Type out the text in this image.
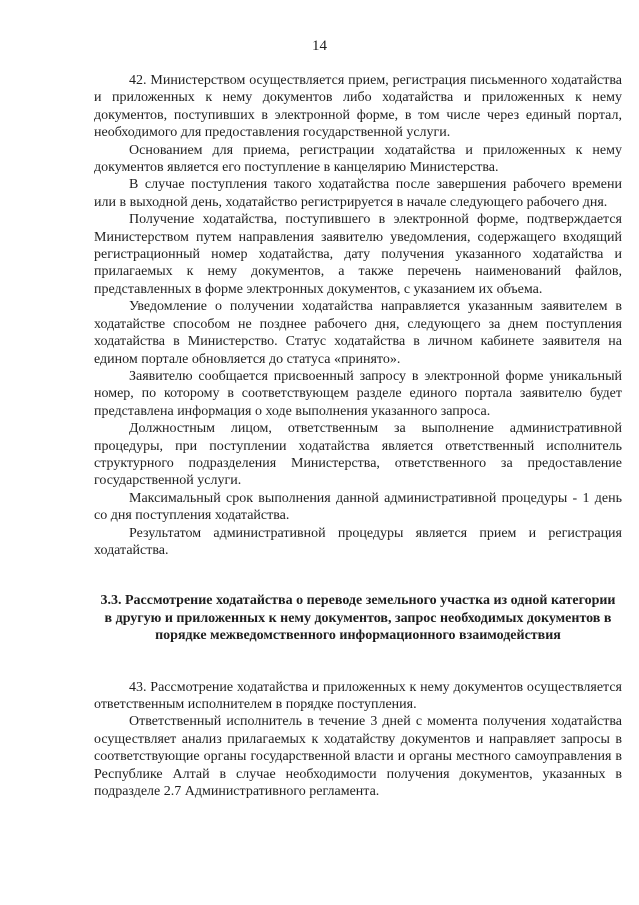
14

42. Министерством осуществляется прием, регистрация письменного ходатайства и приложенных к нему документов либо ходатайства и приложенных к нему документов, поступивших в электронной форме, в том числе через единый портал, необходимого для предоставления государственной услуги.

Основанием для приема, регистрации ходатайства и приложенных к нему документов является его поступление в канцелярию Министерства.

В случае поступления такого ходатайства после завершения рабочего времени или в выходной день, ходатайство регистрируется в начале следующего рабочего дня.

Получение ходатайства, поступившего в электронной форме, подтверждается Министерством путем направления заявителю уведомления, содержащего входящий регистрационный номер ходатайства, дату получения указанного ходатайства и прилагаемых к нему документов, а также перечень наименований файлов, представленных в форме электронных документов, с указанием их объема.

Уведомление о получении ходатайства направляется указанным заявителем в ходатайстве способом не позднее рабочего дня, следующего за днем поступления ходатайства в Министерство. Статус ходатайства в личном кабинете заявителя на едином портале обновляется до статуса «принято».

Заявителю сообщается присвоенный запросу в электронной форме уникальный номер, по которому в соответствующем разделе единого портала заявителю будет представлена информация о ходе выполнения указанного запроса.

Должностным лицом, ответственным за выполнение административной процедуры, при поступлении ходатайства является ответственный исполнитель структурного подразделения Министерства, ответственного за предоставление государственной услуги.

Максимальный срок выполнения данной административной процедуры - 1 день со дня поступления ходатайства.

Результатом административной процедуры является прием и регистрация ходатайства.

3.3. Рассмотрение ходатайства о переводе земельного участка из одной категории в другую и приложенных к нему документов, запрос необходимых документов в порядке межведомственного информационного взаимодействия

43. Рассмотрение ходатайства и приложенных к нему документов осуществляется ответственным исполнителем в порядке поступления.

Ответственный исполнитель в течение 3 дней с момента получения ходатайства осуществляет анализ прилагаемых к ходатайству документов и направляет запросы в соответствующие органы государственной власти и органы местного самоуправления в Республике Алтай в случае необходимости получения документов, указанных в подразделе 2.7 Административного регламента.
